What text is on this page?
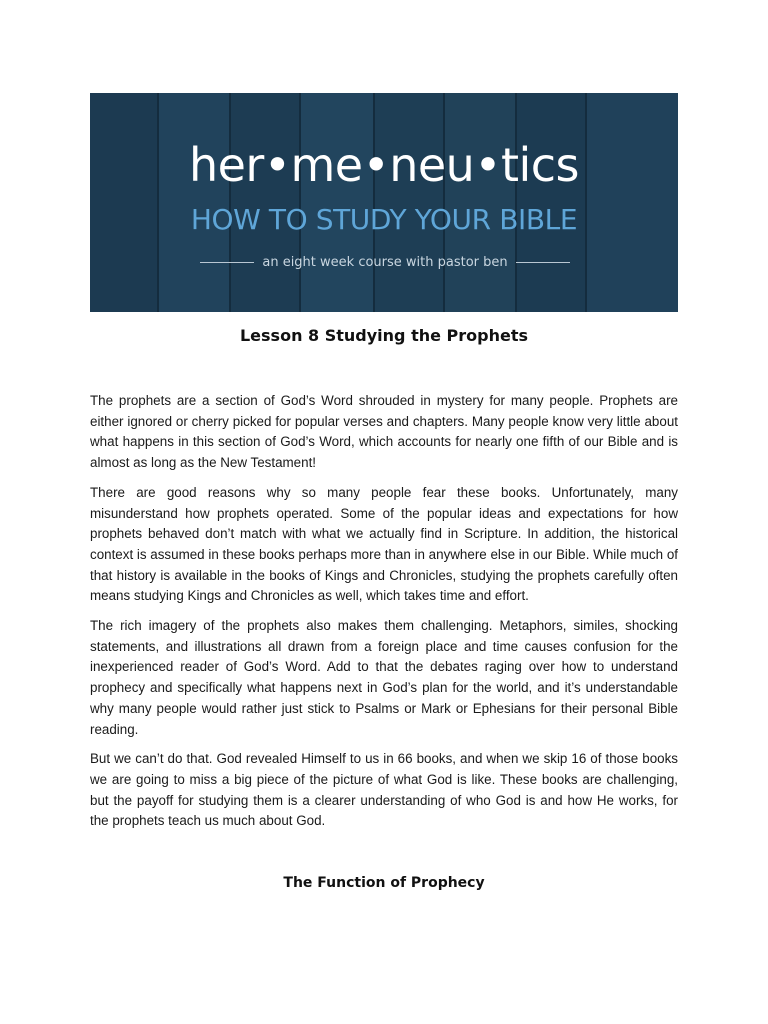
her•me•neu•tics
HOW TO STUDY YOUR BIBLE
an eight week course with pastor ben
Lesson 8 Studying the Prophets

The prophets are a section of God’s Word shrouded in mystery for many people. Prophets are either ignored or cherry picked for popular verses and chapters. Many people know very little about what happens in this section of God’s Word, which accounts for nearly one fifth of our Bible and is almost as long as the New Testament!

There are good reasons why so many people fear these books. Unfortunately, many misunderstand how prophets operated. Some of the popular ideas and expectations for how prophets behaved don’t match with what we actually find in Scripture. In addition, the historical context is assumed in these books perhaps more than in anywhere else in our Bible. While much of that history is available in the books of Kings and Chronicles, studying the prophets carefully often means studying Kings and Chronicles as well, which takes time and effort.

The rich imagery of the prophets also makes them challenging. Metaphors, similes, shocking statements, and illustrations all drawn from a foreign place and time causes confusion for the inexperienced reader of God’s Word. Add to that the debates raging over how to understand prophecy and specifically what happens next in God’s plan for the world, and it’s understandable why many people would rather just stick to Psalms or Mark or Ephesians for their personal Bible reading.

But we can’t do that. God revealed Himself to us in 66 books, and when we skip 16 of those books we are going to miss a big piece of the picture of what God is like. These books are challenging, but the payoff for studying them is a clearer understanding of who God is and how He works, for the prophets teach us much about God.

The Function of Prophecy
